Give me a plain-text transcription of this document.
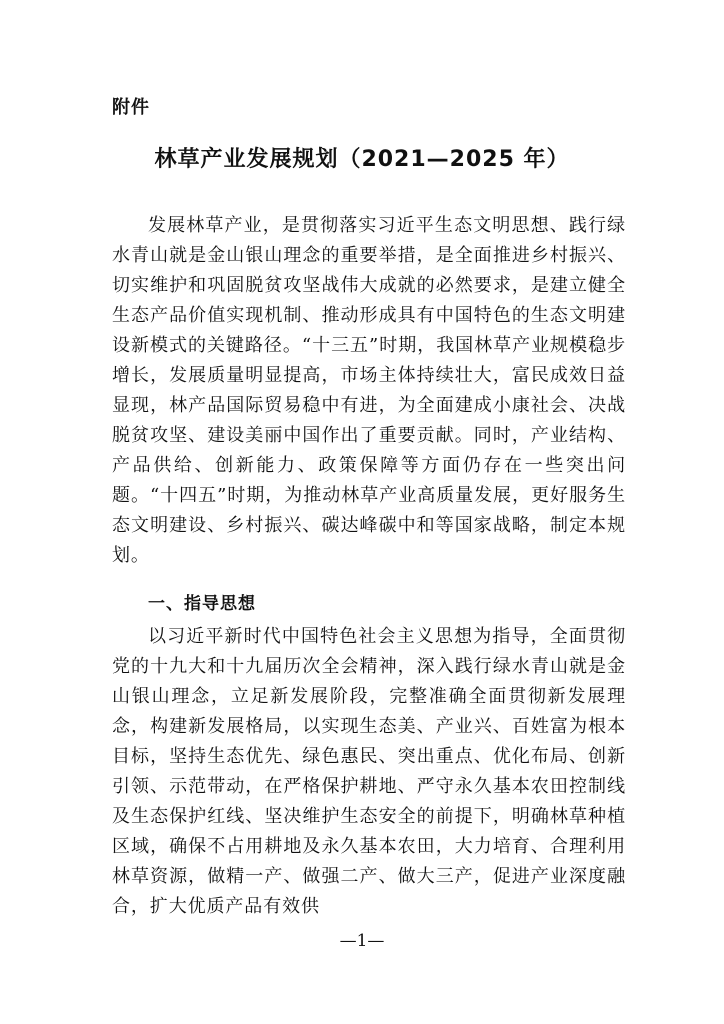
附件
林草产业发展规划（2021—2025 年）

发展林草产业，是贯彻落实习近平生态文明思想、践行绿水青山就是金山银山理念的重要举措，是全面推进乡村振兴、切实维护和巩固脱贫攻坚战伟大成就的必然要求，是建立健全生态产品价值实现机制、推动形成具有中国特色的生态文明建设新模式的关键路径。“十三五”时期，我国林草产业规模稳步增长，发展质量明显提高，市场主体持续壮大，富民成效日益显现，林产品国际贸易稳中有进，为全面建成小康社会、决战脱贫攻坚、建设美丽中国作出了重要贡献。同时，产业结构、产品供给、创新能力、政策保障等方面仍存在一些突出问题。“十四五”时期，为推动林草产业高质量发展，更好服务生态文明建设、乡村振兴、碳达峰碳中和等国家战略，制定本规划。

一、指导思想

以习近平新时代中国特色社会主义思想为指导，全面贯彻党的十九大和十九届历次全会精神，深入践行绿水青山就是金山银山理念，立足新发展阶段，完整准确全面贯彻新发展理念，构建新发展格局，以实现生态美、产业兴、百姓富为根本目标，坚持生态优先、绿色惠民、突出重点、优化布局、创新引领、示范带动，在严格保护耕地、严守永久基本农田控制线及生态保护红线、坚决维护生态安全的前提下，明确林草种植区域，确保不占用耕地及永久基本农田，大力培育、合理利用林草资源，做精一产、做强二产、做大三产，促进产业深度融合，扩大优质产品有效供

—1—
